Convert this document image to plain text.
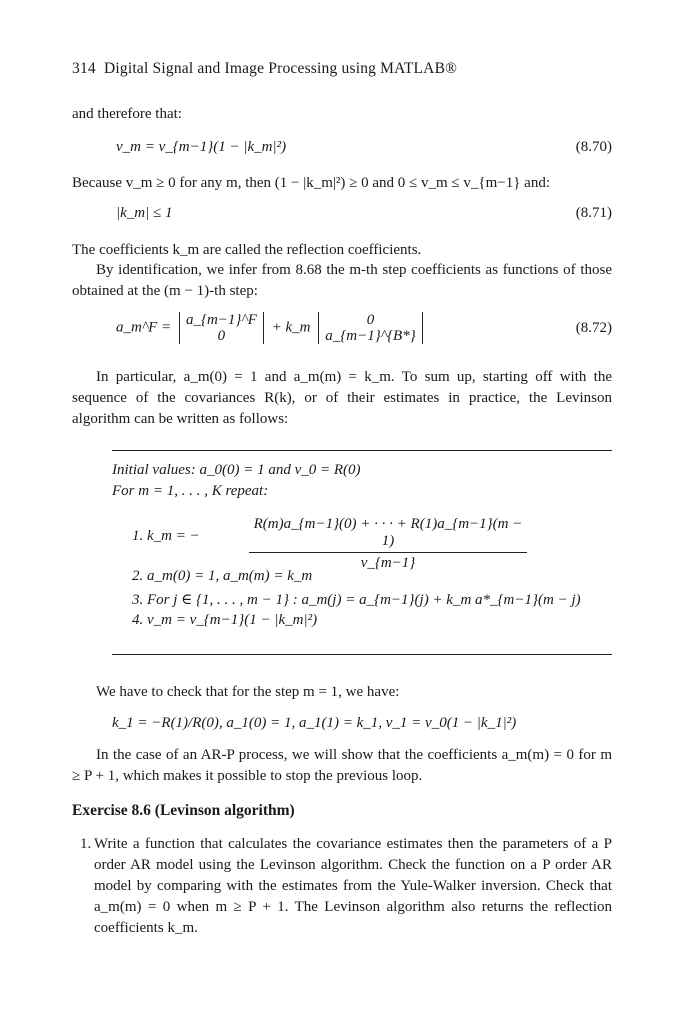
314 Digital Signal and Image Processing using MATLAB®
and therefore that:
v_m = v_{m−1}(1 − |k_m|²)	(8.70)
Because v_m ≥ 0 for any m, then (1 − |k_m|²) ≥ 0 and 0 ≤ v_m ≤ v_{m−1} and:
|k_m| ≤ 1	(8.71)
The coefficients k_m are called the reflection coefficients.
By identification, we infer from 8.68 the m-th step coefficients as functions of those obtained at the (m − 1)-th step:
a_m^F = a_{m−1}^F
0
+ k_m	0
a_{m−1}^{B*}	(8.72)
In particular, a_m(0) = 1 and a_m(m) = k_m. To sum up, starting off with the sequence of the covariances R(k), or of their estimates in practice, the Levinson algorithm can be written as follows:
Initial values: a_0(0) = 1 and v_0 = R(0)
For m = 1, . . . , K repeat:
1. k_m = −
R(m)a_{m−1}(0) + · · · + R(1)a_{m−1}(m − 1)
v_{m−1}
2. a_m(0) = 1, a_m(m) = k_m
3. For j ∈ {1, . . . , m − 1} : a_m(j) = a_{m−1}(j) + k_m a*_{m−1}(m − j)
4. v_m = v_{m−1}(1 − |k_m|²)
We have to check that for the step m = 1, we have:
k_1 = −R(1)/R(0), a_1(0) = 1, a_1(1) = k_1, v_1 = v_0(1 − |k_1|²)
In the case of an AR-P process, we will show that the coefficients a_m(m) = 0 for m ≥ P + 1, which makes it possible to stop the previous loop.
Exercise 8.6 (Levinson algorithm)
1. Write a function that calculates the covariance estimates then the parameters of a P order AR model using the Levinson algorithm. Check the function on a P order AR model by comparing with the estimates from the Yule-Walker inversion. Check that a_m(m) = 0 when m ≥ P + 1. The Levinson algorithm also returns the reflection coefficients k_m.
